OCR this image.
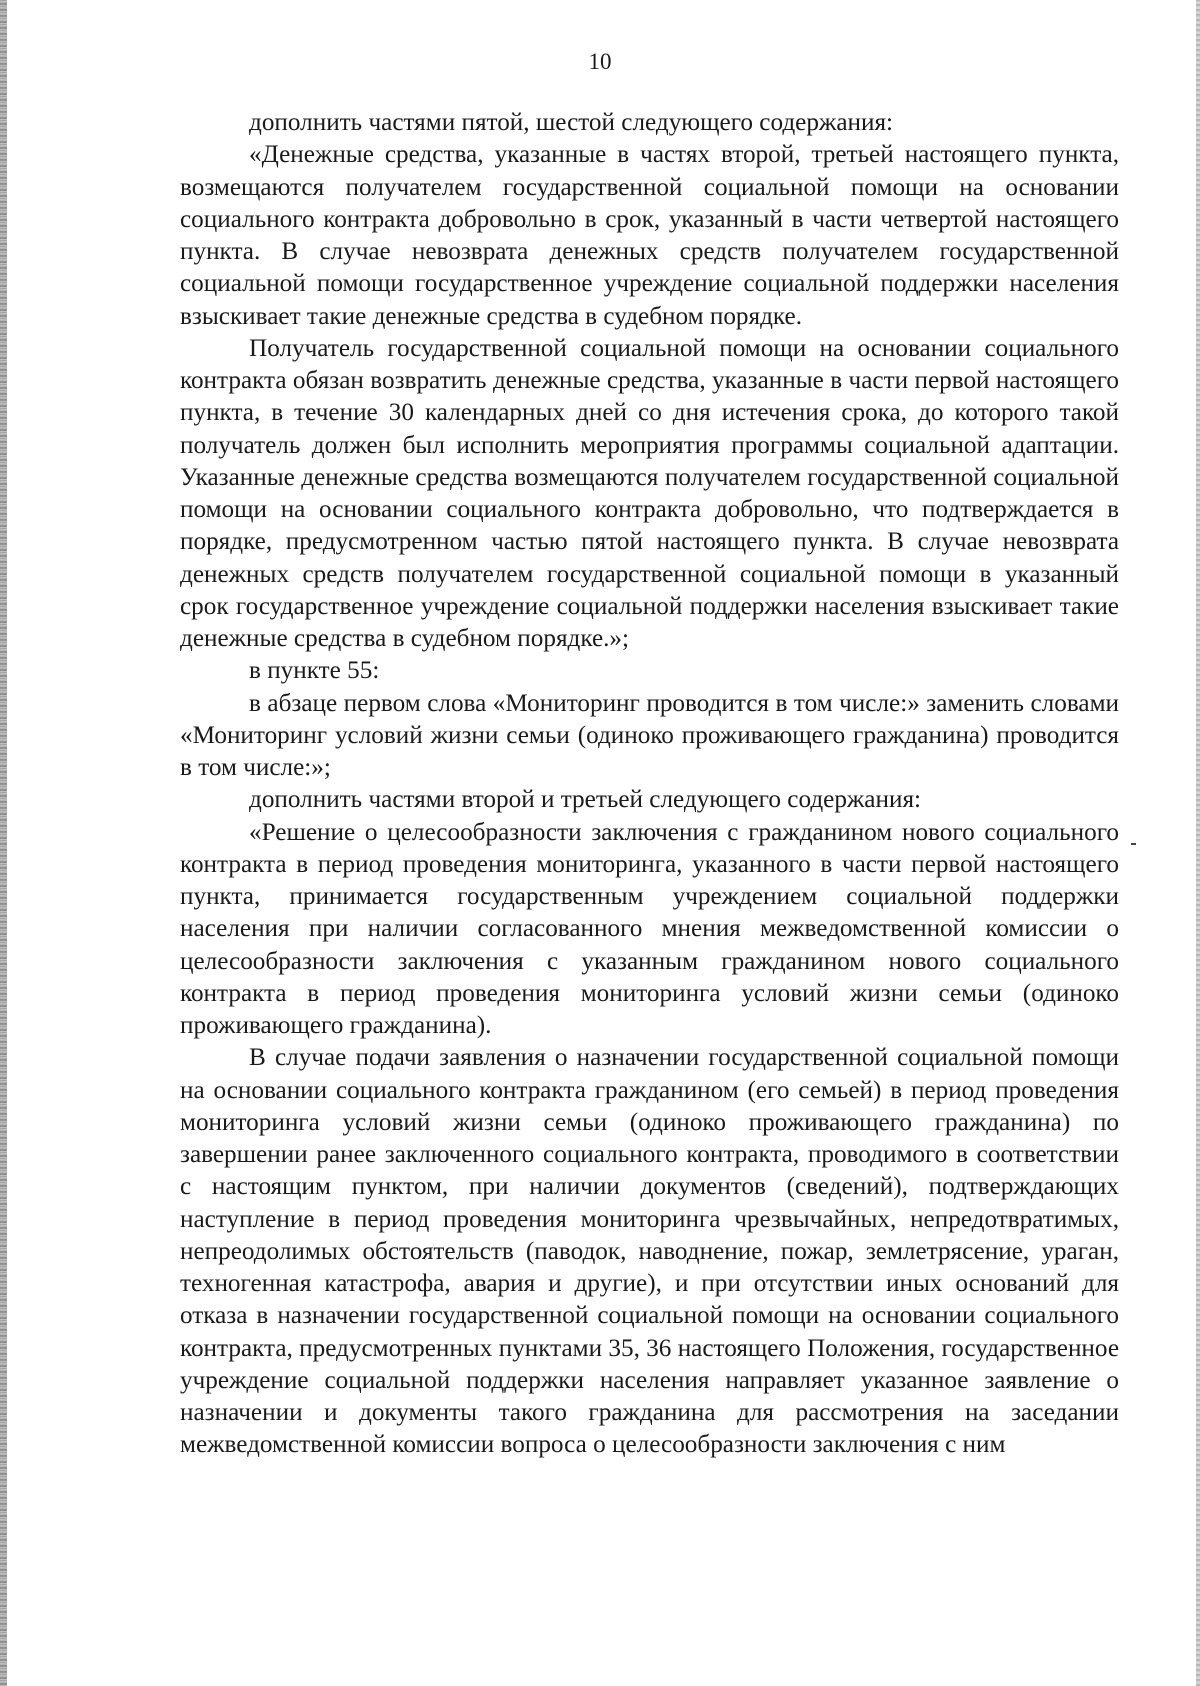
10

дополнить частями пятой, шестой следующего содержания:

«Денежные средства, указанные в частях второй, третьей настоящего пункта, возмещаются получателем государственной социальной помощи на основании социального контракта добровольно в срок, указанный в части четвертой настоящего пункта. В случае невозврата денежных средств получателем государственной социальной помощи государственное учреждение социальной поддержки населения взыскивает такие денежные средства в судебном порядке.

Получатель государственной социальной помощи на основании социального контракта обязан возвратить денежные средства, указанные в части первой настоящего пункта, в течение 30 календарных дней со дня истечения срока, до которого такой получатель должен был исполнить мероприятия программы социальной адаптации. Указанные денежные средства возмещаются получателем государственной социальной помощи на основании социального контракта добровольно, что подтверждается в порядке, предусмотренном частью пятой настоящего пункта. В случае невозврата денежных средств получателем государственной социальной помощи в указанный срок государственное учреждение социальной поддержки населения взыскивает такие денежные средства в судебном порядке.»;

в пункте 55:

в абзаце первом слова «Мониторинг проводится в том числе:» заменить словами «Мониторинг условий жизни семьи (одиноко проживающего гражданина) проводится в том числе:»;

дополнить частями второй и третьей следующего содержания:

«Решение о целесообразности заключения с гражданином нового социального контракта в период проведения мониторинга, указанного в части первой настоящего пункта, принимается государственным учреждением социальной поддержки населения при наличии согласованного мнения межведомственной комиссии о целесообразности заключения с указанным гражданином нового социального контракта в период проведения мониторинга условий жизни семьи (одиноко проживающего гражданина).

В случае подачи заявления о назначении государственной социальной помощи на основании социального контракта гражданином (его семьей) в период проведения мониторинга условий жизни семьи (одиноко проживающего гражданина) по завершении ранее заключенного социального контракта, проводимого в соответствии с настоящим пунктом, при наличии документов (сведений), подтверждающих наступление в период проведения мониторинга чрезвычайных, непредотвратимых, непреодолимых обстоятельств (паводок, наводнение, пожар, землетрясение, ураган, техногенная катастрофа, авария и другие), и при отсутствии иных оснований для отказа в назначении государственной социальной помощи на основании социального контракта, предусмотренных пунктами 35, 36 настоящего Положения, государственное учреждение социальной поддержки населения направляет указанное заявление о назначении и документы такого гражданина для рассмотрения на заседании межведомственной комиссии вопроса о целесообразности заключения с ним
